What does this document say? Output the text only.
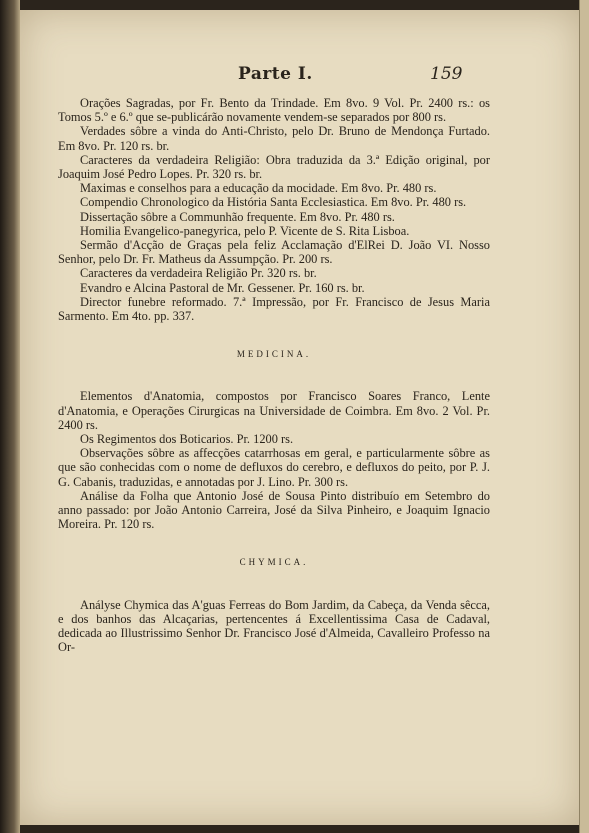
Parte I.	159

Orações Sagradas, por Fr. Bento da Trindade. Em 8vo. 9 Vol. Pr. 2400 rs.: os Tomos 5.º e 6.º que se-publicárão novamente vendem-se separados por 800 rs.

Verdades sôbre a vinda do Anti-Christo, pelo Dr. Bruno de Mendonça Furtado. Em 8vo. Pr. 120 rs. br.

Caracteres da verdadeira Religião: Obra traduzida da 3.ª Edição original, por Joaquim José Pedro Lopes. Pr. 320 rs. br.

Maximas e conselhos para a educação da mocidade. Em 8vo. Pr. 480 rs.

Compendio Chronologico da História Santa Ecclesiastica. Em 8vo. Pr. 480 rs.

Dissertação sôbre a Communhão frequente. Em 8vo. Pr. 480 rs.

Homilia Evangelico-panegyrica, pelo P. Vicente de S. Rita Lisboa.

Sermão d'Acção de Graças pela feliz Acclamação d'ElRei D. João VI. Nosso Senhor, pelo Dr. Fr. Matheus da Assumpção. Pr. 200 rs.

Caracteres da verdadeira Religião Pr. 320 rs. br.

Evandro e Alcina Pastoral de Mr. Gessener. Pr. 160 rs. br.

Director funebre reformado. 7.ª Impressão, por Fr. Francisco de Jesus Maria Sarmento. Em 4to. pp. 337.

MEDICINA.

Elementos d'Anatomia, compostos por Francisco Soares Franco, Lente d'Anatomia, e Operações Cirurgicas na Universidade de Coimbra. Em 8vo. 2 Vol. Pr. 2400 rs.

Os Regimentos dos Boticarios. Pr. 1200 rs.

Observações sôbre as affecções catarrhosas em geral, e particularmente sôbre as que são conhecidas com o nome de defluxos do cerebro, e defluxos do peito, por P. J. G. Cabanis, traduzidas, e annotadas por J. Lino. Pr. 300 rs.

Análise da Folha que Antonio José de Sousa Pinto distribuío em Setembro do anno passado: por João Antonio Carreira, José da Silva Pinheiro, e Joaquim Ignacio Moreira. Pr. 120 rs.

CHYMICA.

Anályse Chymica das A'guas Ferreas do Bom Jardim, da Cabeça, da Venda sêcca, e dos banhos das Alcaçarias, pertencentes á Excellentissima Casa de Cadaval, dedicada ao Illustrissimo Senhor Dr. Francisco José d'Almeida, Cavalleiro Professo na Or-
